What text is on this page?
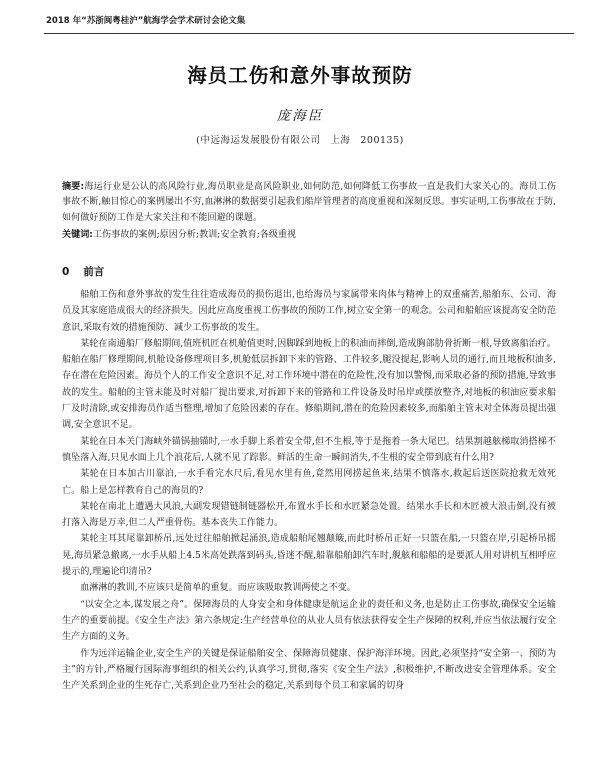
2018 年“苏浙闽粤桂沪”航海学会学术研讨会论文集
海员工伤和意外事故预防
庞海臣
(中远海运发展股份有限公司　上海　200135)
摘要:海运行业是公认的高风险行业,海员职业是高风险职业,如何防范,如何降低工伤事故一直是我们大家关心的。海员工伤事故不断,触目惊心的案例屡出不穷,血淋淋的数据要引起我们船岸管理者的高度重视和深刻反思。事实证明,工伤事故在于防,如何做好预防工作是大家关注和不能回避的课题。
关键词:工伤事故的案例;原因分析;教训;安全教育;各级重视
0 前言

船舶工伤和意外事故的发生往往造成海员的损伤退出,也给海员与家属带来肉体与精神上的双重痛苦,船舶东、公司、海员及其家庭造成很大的经济损失。因此应高度重视工伤事故的预防工作,树立安全第一的观念。公司和船舶应该提高安全防范意识,采取有效的措施预防、减少工伤事故的发生。

某轮在南通船厂修船期间,值班机匠在机舱值更时,因脚踩到地板上的积油而摔倒,造成胸部肋骨折断一根,导致离船治疗。船舶在船厂修理期间,机舱设备修理项目多,机舱低层拆卸下来的管路、工件较多,腿没提起,影响人员的通行,而且地板积油多,存在潜在危险因素。海员个人的工作安全意识不足,对工作环境中潜在的危险性,没有加以警惕,而采取必备的预防措施,导致事故的发生。船舶的主管未能及时对船厂提出要求,对拆卸下来的管路和工件设备及时吊岸或摆放整齐,对地板的积油应要求船厂及时清除,或安排海员作适当整理,增加了危险因素的存在。修船期间,潜在的危险因素较多,而船舶主管未对全体海员提出强调,安全意识不足。

某轮在日本关门海峡外锚锅抽锚时,一水手脚上系着安全带,但不生根,等于是拖着一条大尾巴。结果割越舷梯取消搭梯不慎坠落入海,只见水面上几个浪花后,人就不见了踪影。鲜活的生命一瞬间消失,不生根的安全带到底有什么用?

某轮在日本加古川靠泊,一水手看完水尺后,看见水里有鱼,竟然用网捞起鱼来,结果不慎落水,救起后送医院抢救无效死亡。船上是怎样教育自己的海员的?

某轮在南北上遭遇大风浪,大副发现错链制链器松开,布置水手长和水匠紧急处置。结果水手长和木匠被大浪击倒,没有被打落入海是万幸,但二人严重骨伤。基本丧失工作能力。

某轮主耳其尾靠卸桥吊,远处过往船舶掀起涌浪,造成船舶尾翘颠簸,而此时桥吊正好一只篮在船,一只篮在岸,引起桥吊摇晃,海员紧急撤离,一水手从船上4.5米高处跌落到码头,昏迷不醒,船靠船舶卸汽车时,舰舷和船船的是要派人用对讲机互相呼应提示的,理遍论印清吊?

血淋淋的教训,不应该只是简单的重复。而应该吸取教训两使之不变。

“以安全之本,谋发展之舟”。保障海员的人身安全和身体健康是航运企业的责任和义务,也是防止工伤事故,确保安全运输生产的重要前提。《安全生产法》第六条规定:生产经营单位的从业人员有依法获得安全生产保障的权利,并应当依法履行安全生产方面的义务。

作为远洋运输企业,安全生产的关键是保证船舶安全、保障海员健康、保护海洋环境。因此,必须坚持“安全第一、预防为主”的方针,严格履行国际海事组织的相关公约,认真学习,贯彻,落实《安全生产法》,积极维护,不断改进安全管理体系。安全生产关系到企业的生死存亡,关系到企业乃至社会的稳定,关系到每个员工和家属的切身
